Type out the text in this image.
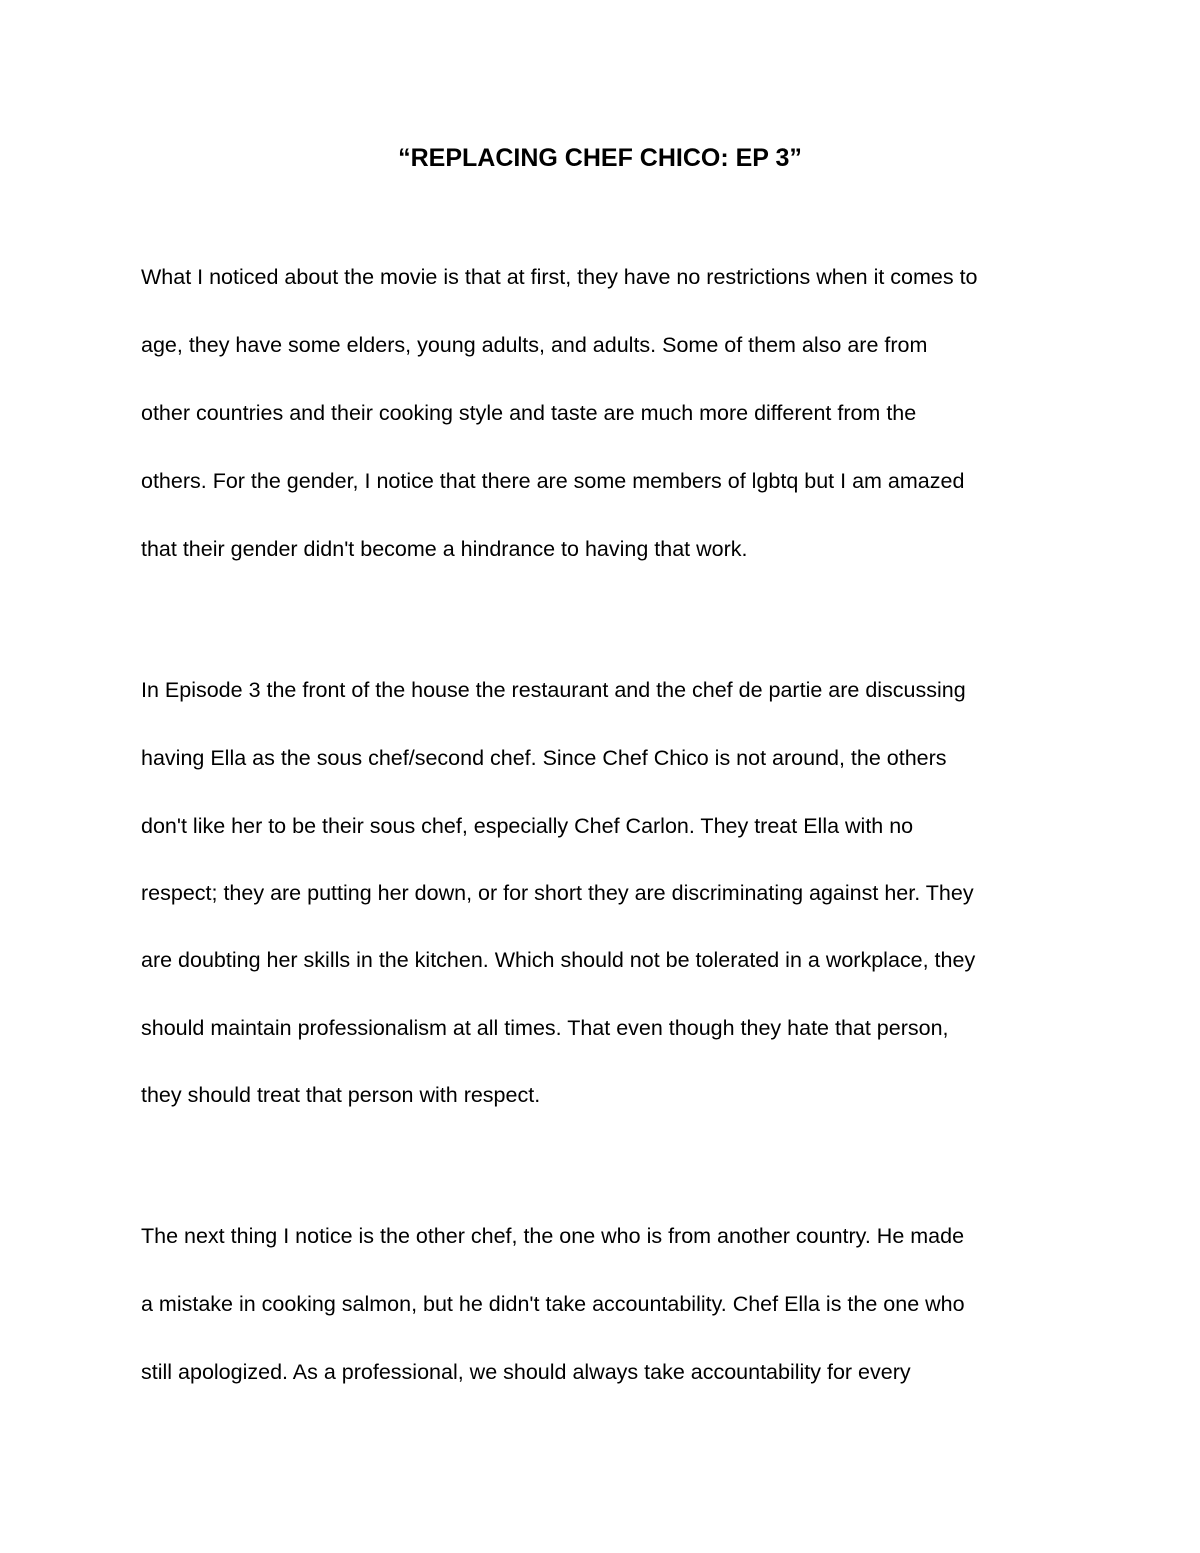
“REPLACING CHEF CHICO: EP 3”
What I noticed about the movie is that at first, they have no restrictions when it comes to
age, they have some elders, young adults, and adults. Some of them also are from
other countries and their cooking style and taste are much more different from the
others. For the gender, I notice that there are some members of lgbtq but I am amazed
that their gender didn't become a hindrance to having that work.
In Episode 3 the front of the house the restaurant and the chef de partie are discussing
having Ella as the sous chef/second chef. Since Chef Chico is not around, the others
don't like her to be their sous chef, especially Chef Carlon. They treat Ella with no
respect; they are putting her down, or for short they are discriminating against her. They
are doubting her skills in the kitchen. Which should not be tolerated in a workplace, they
should maintain professionalism at all times. That even though they hate that person,
they should treat that person with respect.
The next thing I notice is the other chef, the one who is from another country. He made
a mistake in cooking salmon, but he didn't take accountability. Chef Ella is the one who
still apologized. As a professional, we should always take accountability for every
